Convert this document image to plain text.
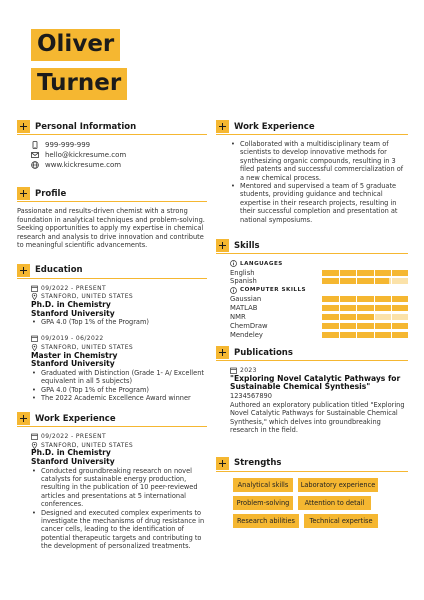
Oliver
Turner
Personal Information
999-999-999
hello@kickresume.com
www.kickresume.com
Profile

Passionate and results-driven chemist with a strong foundation in analytical techniques and problem-solving. Seeking opportunities to apply my expertise in chemical research and analysis to drive innovation and contribute to meaningful scientific advancements.

Education
09/2022 - PRESENT
STANFORD, UNITED STATES
Ph.D. in Chemistry
Stanford University
• GPA 4.0 (Top 1% of the Program)
09/2019 - 06/2022
STANFORD, UNITED STATES
Master in Chemistry
Stanford University
• Graduated with Distinction (Grade 1- A/ Excellent equivalent in all 5 subjects)
• GPA 4.0 (Top 1% of the Program)
• The 2022 Academic Excellence Award winner
Work Experience
09/2022 - PRESENT
STANFORD, UNITED STATES
Ph.D. in Chemistry
Stanford University
• Conducted groundbreaking research on novel catalysts for sustainable energy production, resulting in the publication of 10 peer-reviewed articles and presentations at 5 international conferences.
• Designed and executed complex experiments to investigate the mechanisms of drug resistance in cancer cells, leading to the identification of potential therapeutic targets and contributing to the development of personalized treatments.
Work Experience
• Collaborated with a multidisciplinary team of scientists to develop innovative methods for synthesizing organic compounds, resulting in 3 filed patents and successful commercialization of a new chemical process.
• Mentored and supervised a team of 5 graduate students, providing guidance and technical expertise in their research projects, resulting in their successful completion and presentation at national symposiums.
Skills
LANGUAGES
English
Spanish
COMPUTER SKILLS
Gaussian
MATLAB
NMR
ChemDraw
Mendeley
Publications
2023
"Exploring Novel Catalytic Pathways for Sustainable Chemical Synthesis"
1234567890
Authored an exploratory publication titled "Exploring Novel Catalytic Pathways for Sustainable Chemical Synthesis," which delves into groundbreaking research in the field.
Strengths
Analytical skills	Laboratory experience
Problem-solving	Attention to detail
Research abilities	Technical expertise
